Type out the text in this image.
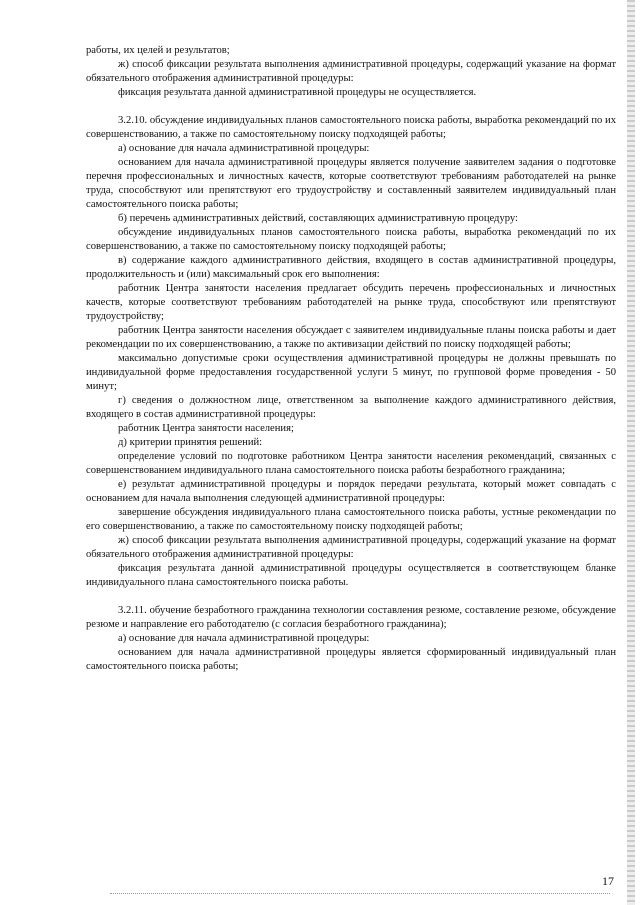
работы, их целей и результатов;

ж) способ фиксации результата выполнения административной процедуры, содержащий указание на формат обязательного отображения административной процедуры:

фиксация результата данной административной процедуры не осуществляется.

3.2.10. обсуждение индивидуальных планов самостоятельного поиска работы, выработка рекомендаций по их совершенствованию, а также по самостоятельному поиску подходящей работы;

а) основание для начала административной процедуры:

основанием для начала административной процедуры является получение заявителем задания о подготовке перечня профессиональных и личностных качеств, которые соответствуют требованиям работодателей на рынке труда, способствуют или препятствуют его трудоустройству и составленный заявителем индивидуальный план самостоятельного поиска работы;

б) перечень административных действий, составляющих административную процедуру:

обсуждение индивидуальных планов самостоятельного поиска работы, выработка рекомендаций по их совершенствованию, а также по самостоятельному поиску подходящей работы;

в) содержание каждого административного действия, входящего в состав административной процедуры, продолжительность и (или) максимальный срок его выполнения:

работник Центра занятости населения предлагает обсудить перечень профессиональных и личностных качеств, которые соответствуют требованиям работодателей на рынке труда, способствуют или препятствуют трудоустройству;

работник Центра занятости населения обсуждает с заявителем индивидуальные планы поиска работы и дает рекомендации по их совершенствованию, а также по активизации действий по поиску подходящей работы;

максимально допустимые сроки осуществления административной процедуры не должны превышать по индивидуальной форме предоставления государственной услуги 5 минут, по групповой форме проведения - 50 минут;

г) сведения о должностном лице, ответственном за выполнение каждого административного действия, входящего в состав административной процедуры:

работник Центра занятости населения;

д) критерии принятия решений:

определение условий по подготовке работником Центра занятости населения рекомендаций, связанных с совершенствованием индивидуального плана самостоятельного поиска работы безработного гражданина;

е) результат административной процедуры и порядок передачи результата, который может совпадать с основанием для начала выполнения следующей административной процедуры:

завершение обсуждения индивидуального плана самостоятельного поиска работы, устные рекомендации по его совершенствованию, а также по самостоятельному поиску подходящей работы;

ж) способ фиксации результата выполнения административной процедуры, содержащий указание на формат обязательного отображения административной процедуры:

фиксация результата данной административной процедуры осуществляется в соответствующем бланке индивидуального плана самостоятельного поиска работы.

3.2.11. обучение безработного гражданина технологии составления резюме, составление резюме, обсуждение резюме и направление его работодателю (с согласия безработного гражданина);

а) основание для начала административной процедуры:

основанием для начала административной процедуры является сформированный индивидуальный план самостоятельного поиска работы;

17
